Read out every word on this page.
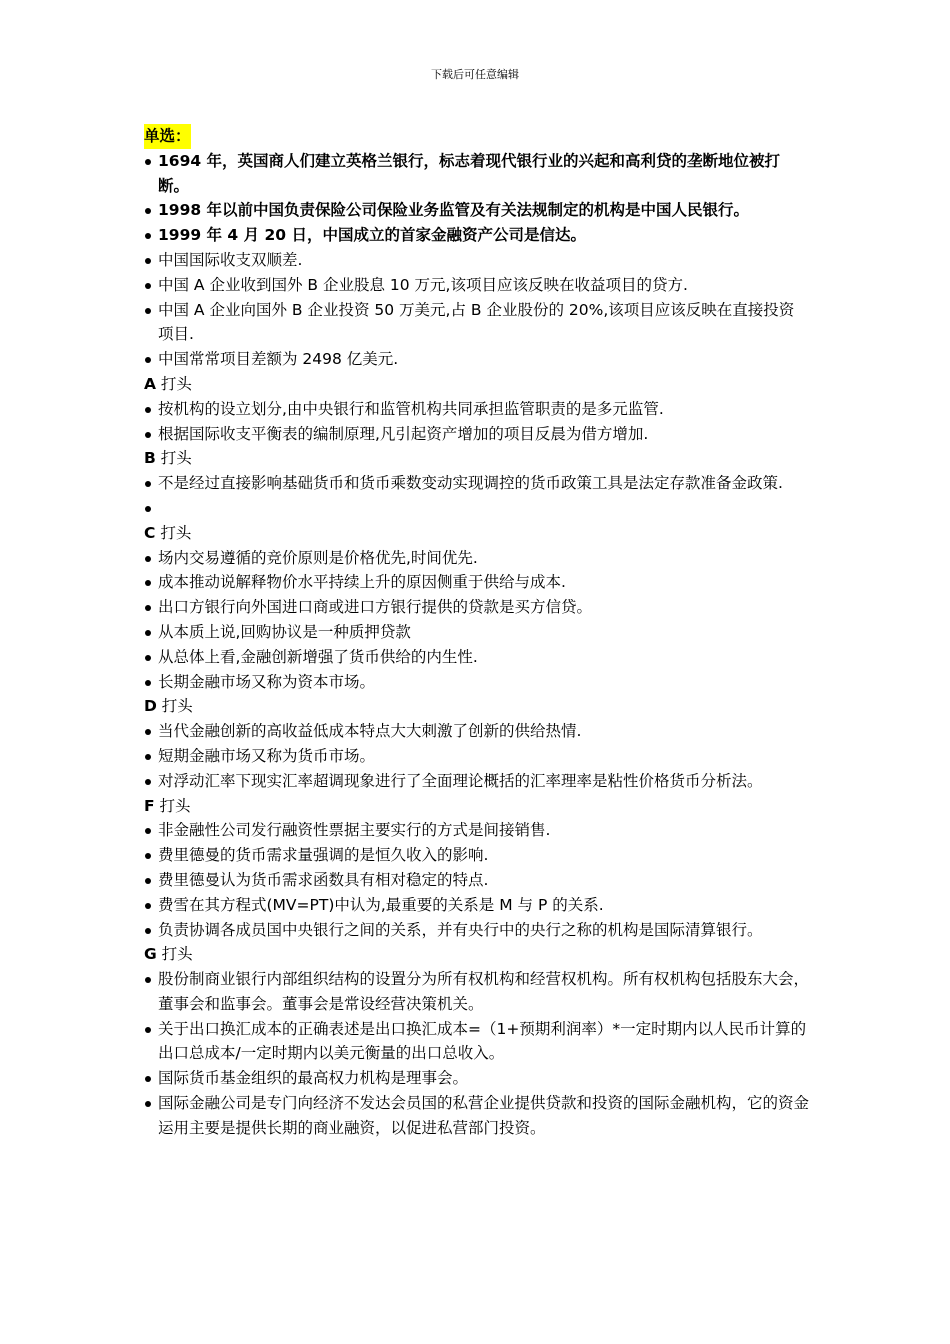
下载后可任意编辑
单选：
1694 年，英国商人们建立英格兰银行，标志着现代银行业的兴起和高利贷的垄断地位被打断。
1998 年以前中国负责保险公司保险业务监管及有关法规制定的机构是中国人民银行。
1999 年 4 月 20 日，中国成立的首家金融资产公司是信达。
中国国际收支双顺差.
中国 A 企业收到国外 B 企业股息 10 万元,该项目应该反映在收益项目的贷方.
中国 A 企业向国外 B 企业投资 50 万美元,占 B 企业股份的 20%,该项目应该反映在直接投资项目.
中国常常项目差额为 2498 亿美元.
A 打头
按机构的设立划分,由中央银行和监管机构共同承担监管职责的是多元监管.
根据国际收支平衡表的编制原理,凡引起资产增加的项目反晨为借方增加.
B 打头
不是经过直接影响基础货币和货币乘数变动实现调控的货币政策工具是法定存款准备金政策.
C 打头
场内交易遵循的竞价原则是价格优先,时间优先.
成本推动说解释物价水平持续上升的原因侧重于供给与成本.
出口方银行向外国进口商或进口方银行提供的贷款是买方信贷。
从本质上说,回购协议是一种质押贷款
从总体上看,金融创新增强了货币供给的内生性.
长期金融市场又称为资本市场。
D 打头
当代金融创新的高收益低成本特点大大刺激了创新的供给热情.
短期金融市场又称为货币市场。
对浮动汇率下现实汇率超调现象进行了全面理论概括的汇率理率是粘性价格货币分析法。
F 打头
非金融性公司发行融资性票据主要实行的方式是间接销售.
费里德曼的货币需求量强调的是恒久收入的影响.
费里德曼认为货币需求函数具有相对稳定的特点.
费雪在其方程式(MV=PT)中认为,最重要的关系是 M 与 P 的关系.
负责协调各成员国中央银行之间的关系，并有央行中的央行之称的机构是国际清算银行。
G 打头
股份制商业银行内部组织结构的设置分为所有权机构和经营权机构。所有权机构包括股东大会，董事会和监事会。董事会是常设经营决策机关。
关于出口换汇成本的正确表述是出口换汇成本=（1+预期利润率）*一定时期内以人民币计算的出口总成本/一定时期内以美元衡量的出口总收入。
国际货币基金组织的最高权力机构是理事会。
国际金融公司是专门向经济不发达会员国的私营企业提供贷款和投资的国际金融机构，它的资金运用主要是提供长期的商业融资，以促进私营部门投资。
